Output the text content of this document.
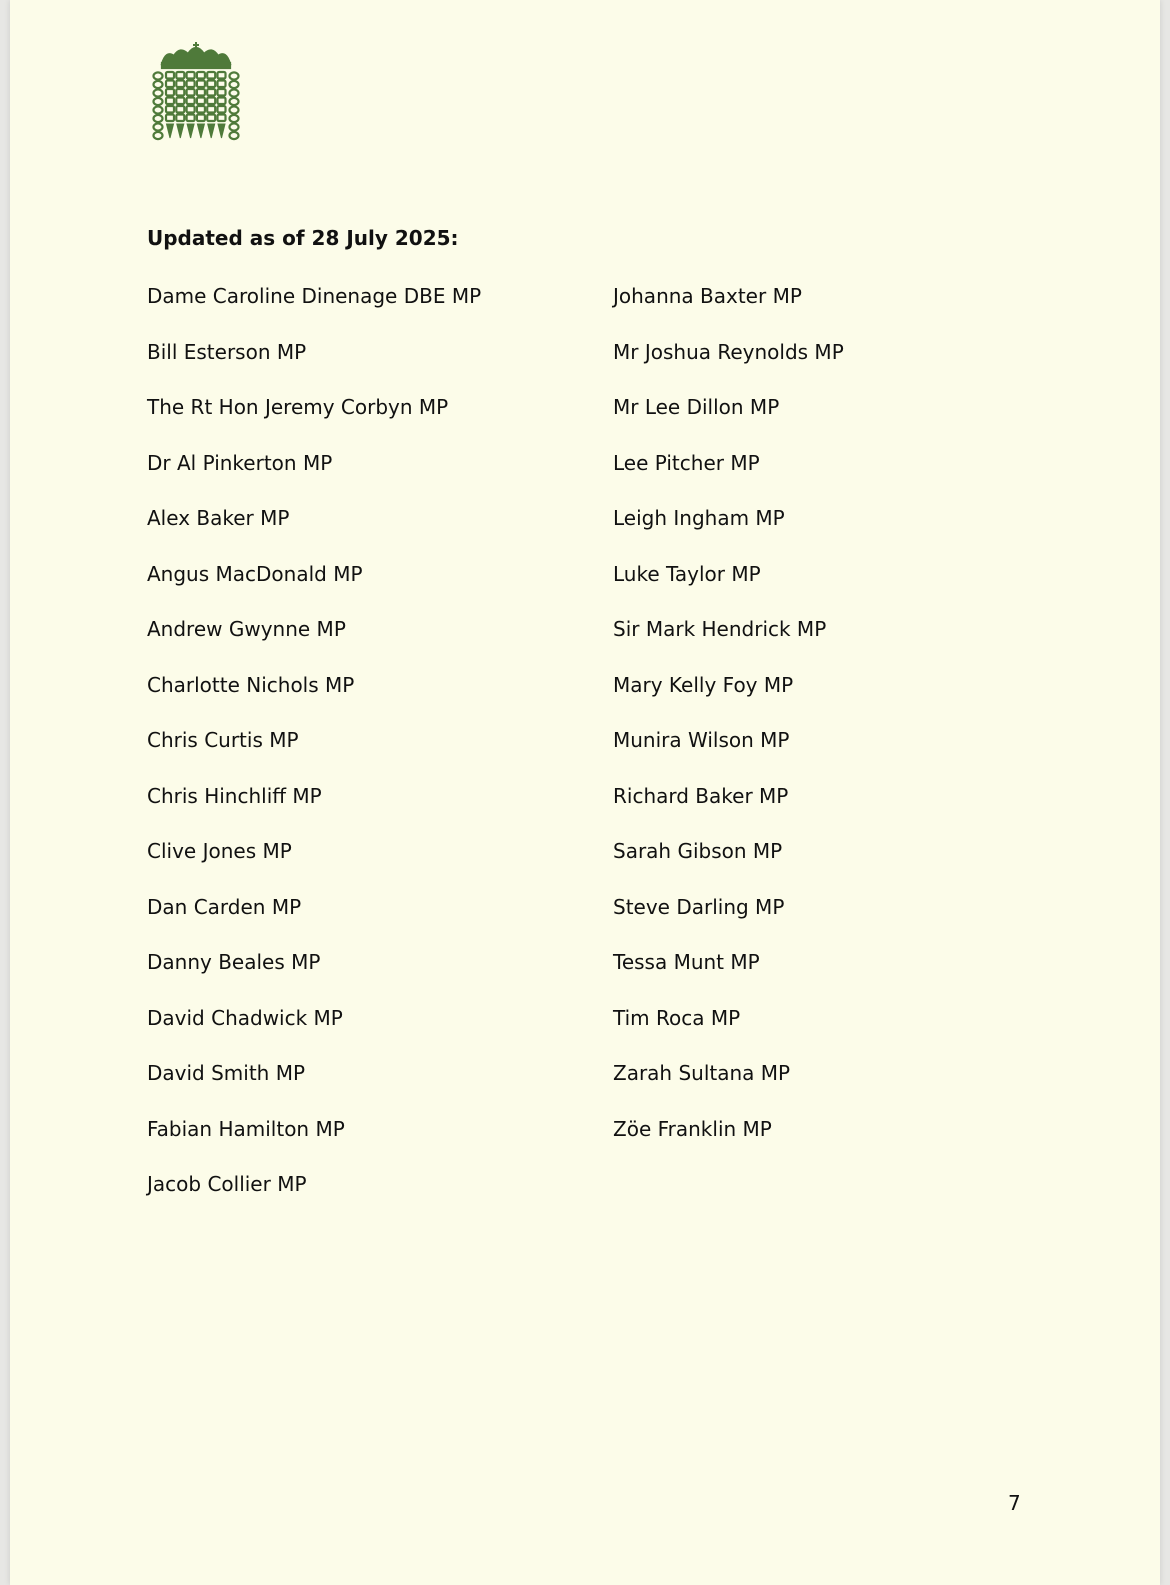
Updated as of 28 July 2025:
Dame Caroline Dinenage DBE MP
Bill Esterson MP
The Rt Hon Jeremy Corbyn MP
Dr Al Pinkerton MP
Alex Baker MP
Angus MacDonald MP
Andrew Gwynne MP
Charlotte Nichols MP
Chris Curtis MP
Chris Hinchliff MP
Clive Jones MP
Dan Carden MP
Danny Beales MP
David Chadwick MP
David Smith MP
Fabian Hamilton MP
Jacob Collier MP
Johanna Baxter MP
Mr Joshua Reynolds MP
Mr Lee Dillon MP
Lee Pitcher MP
Leigh Ingham MP
Luke Taylor MP
Sir Mark Hendrick MP
Mary Kelly Foy MP
Munira Wilson MP
Richard Baker MP
Sarah Gibson MP
Steve Darling MP
Tessa Munt MP
Tim Roca MP
Zarah Sultana MP
Zöe Franklin MP
7
